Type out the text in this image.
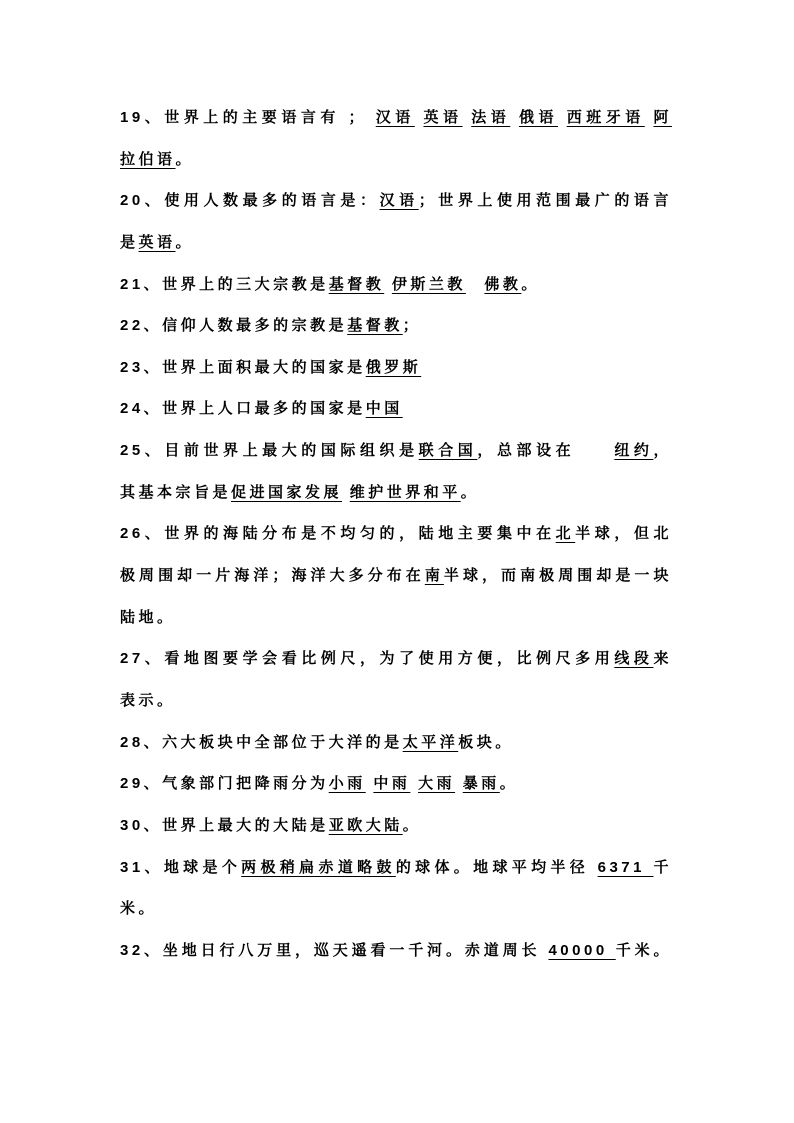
19、世界上的主要语言有 ； 汉语 英语 法语 俄语 西班牙语 阿
拉伯语。
20、使用人数最多的语言是：汉语；世界上使用范围最广的语言
是英语。
21、世界上的三大宗教是基督教 伊斯兰教　 佛教。
22、信仰人数最多的宗教是基督教；
23、世界上面积最大的国家是俄罗斯
24、世界上人口最多的国家是中国
25、目前世界上最大的国际组织是联合国，总部设在　　纽约，
其基本宗旨是促进国家发展 维护世界和平。
26、世界的海陆分布是不均匀的，陆地主要集中在北半球，但北
极周围却一片海洋；海洋大多分布在南半球，而南极周围却是一块
陆地。
27、看地图要学会看比例尺，为了使用方便，比例尺多用线段来
表示。
28、六大板块中全部位于大洋的是太平洋板块。
29、气象部门把降雨分为小雨 中雨 大雨 暴雨。
30、世界上最大的大陆是亚欧大陆。
31、地球是个两极稍扁赤道略鼓的球体。地球平均半径 6371 千
米。
32、坐地日行八万里，巡天遥看一千河。赤道周长 40000 千米。
